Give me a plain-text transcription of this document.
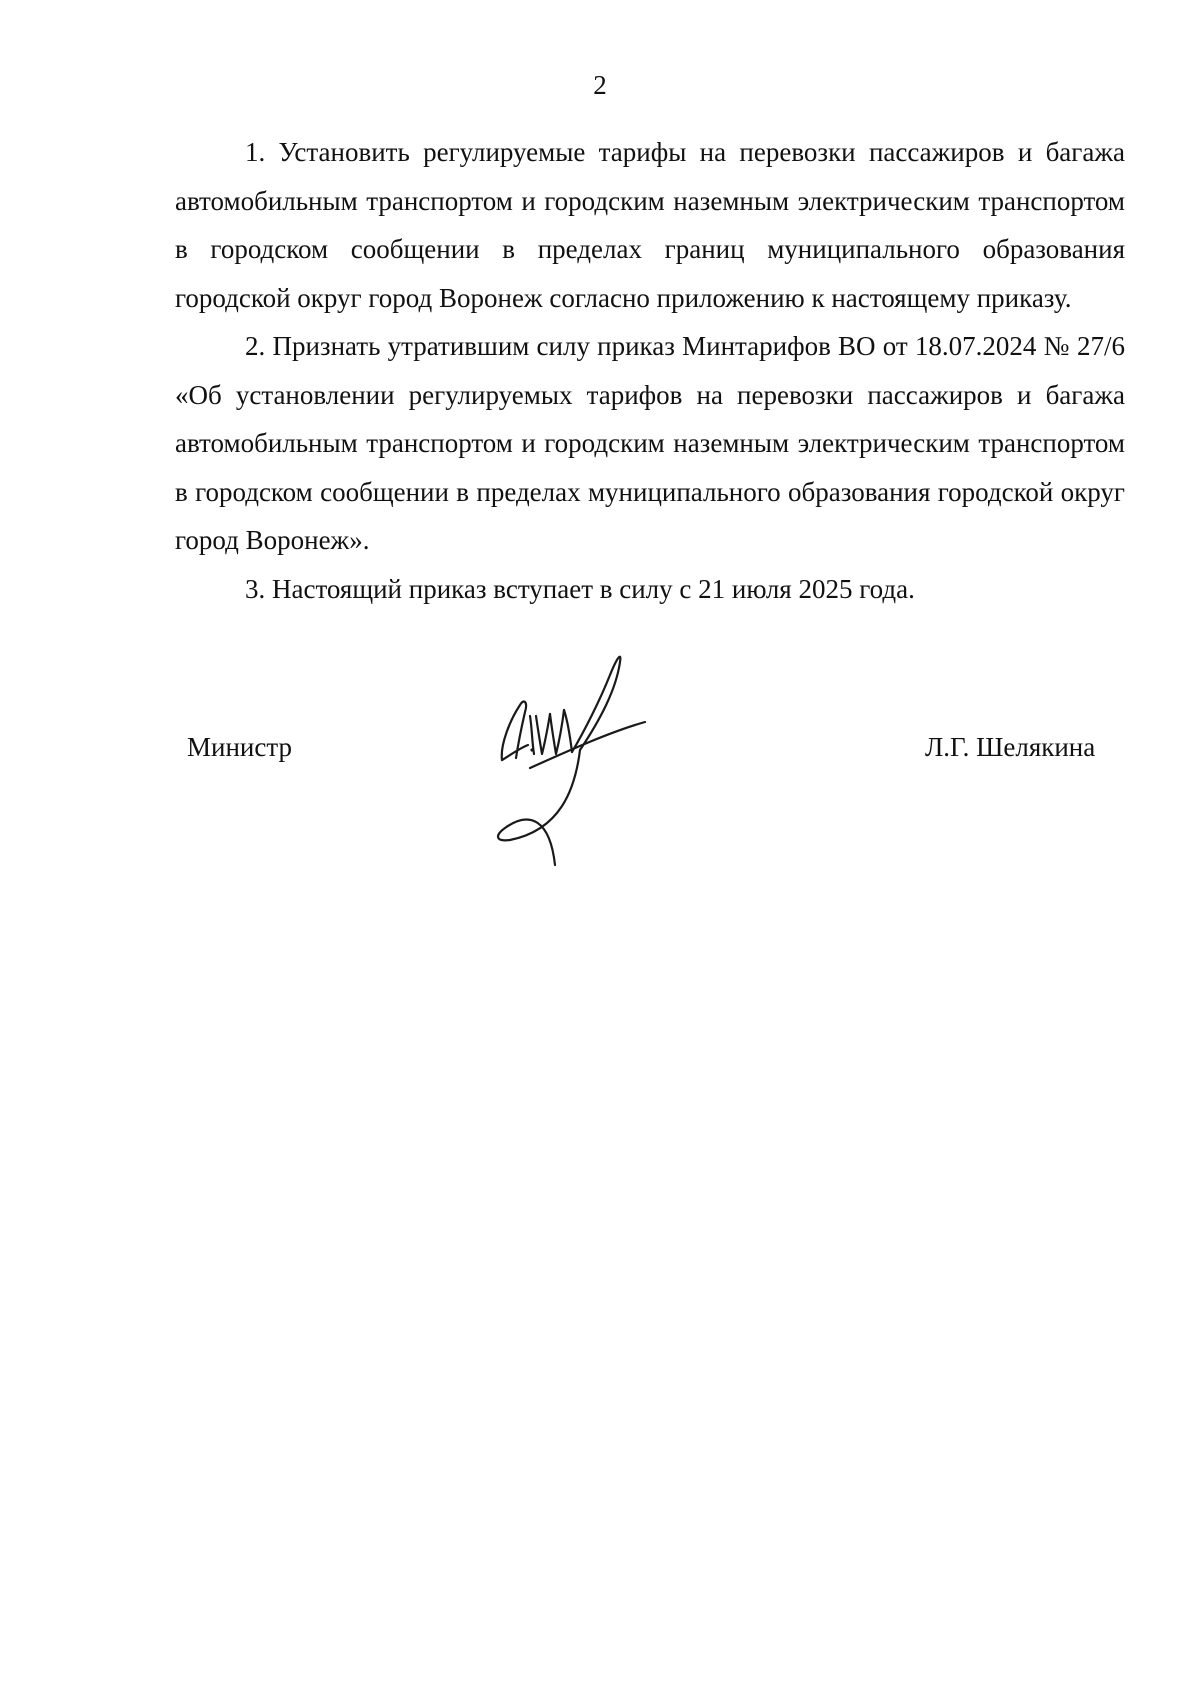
2

1. Установить регулируемые тарифы на перевозки пассажиров и багажа автомобильным транспортом и городским наземным электрическим транспортом в городском сообщении в пределах границ муниципального образования городской округ город Воронеж согласно приложению к настоящему приказу.

2. Признать утратившим силу приказ Минтарифов ВО от 18.07.2024 № 27/6 «Об установлении регулируемых тарифов на перевозки пассажиров и багажа автомобильным транспортом и городским наземным электрическим транспортом в городском сообщении в пределах муниципального образования городской округ город Воронеж».

3. Настоящий приказ вступает в силу с 21 июля 2025 года.

Министр	Л.Г. Шелякина
